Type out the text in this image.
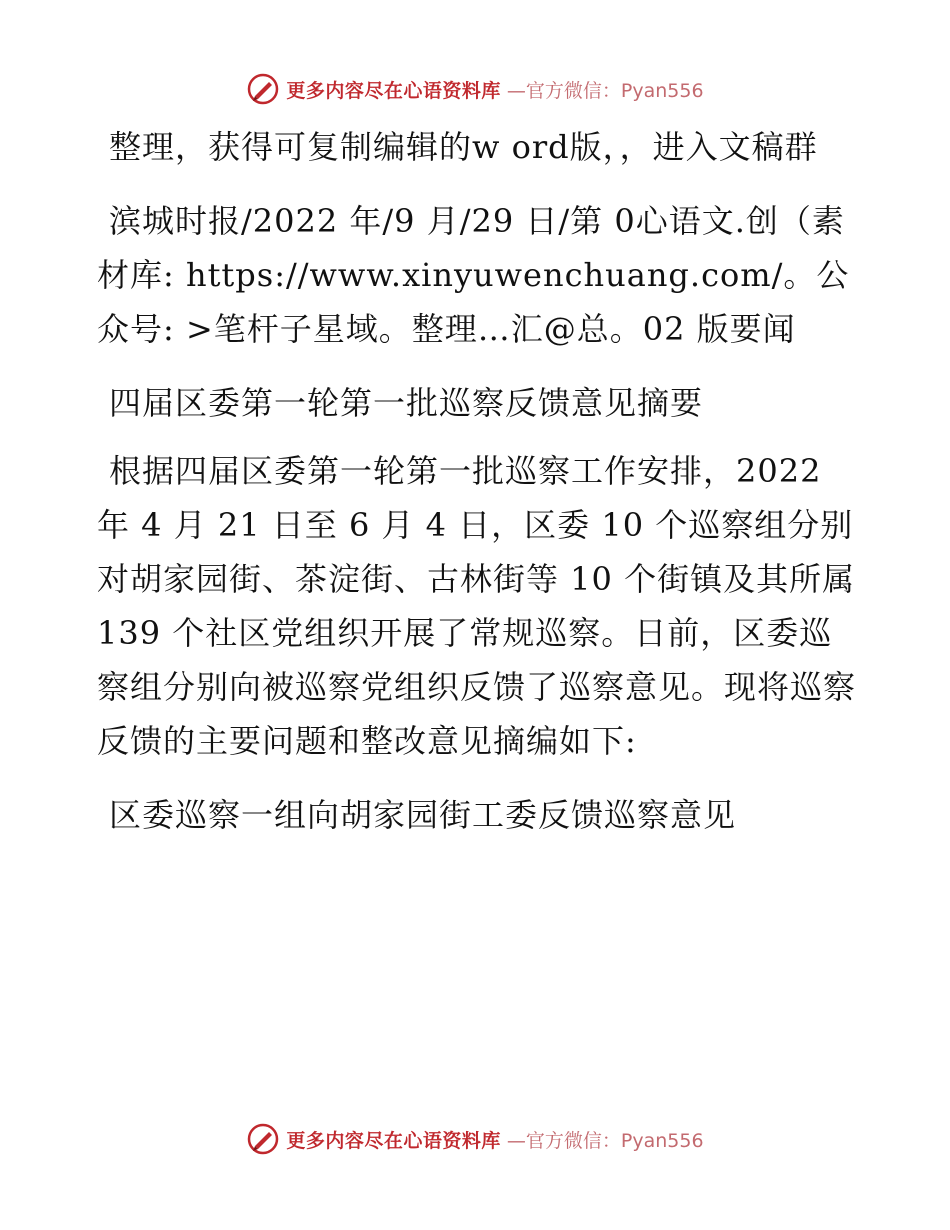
更多内容尽在心语资料库 —官方微信：Pyan556

整理，获得可复制编辑的w ord版，，进入文稿群

滨城时报/2022 年/9 月/29 日/第 0心语文.创（素材库: https://www.xinyuwenchuang.com/。公众号: >笔杆子星域。整理…汇@总。02 版要闻

四届区委第一轮第一批巡察反馈意见摘要

根据四届区委第一轮第一批巡察工作安排，2022 年 4 月 21 日至 6 月 4 日，区委 10 个巡察组分别对胡家园街、茶淀街、古林街等 10 个街镇及其所属 139 个社区党组织开展了常规巡察。日前，区委巡察组分别向被巡察党组织反馈了巡察意见。现将巡察反馈的主要问题和整改意见摘编如下:

区委巡察一组向胡家园街工委反馈巡察意见

更多内容尽在心语资料库 —官方微信：Pyan556
